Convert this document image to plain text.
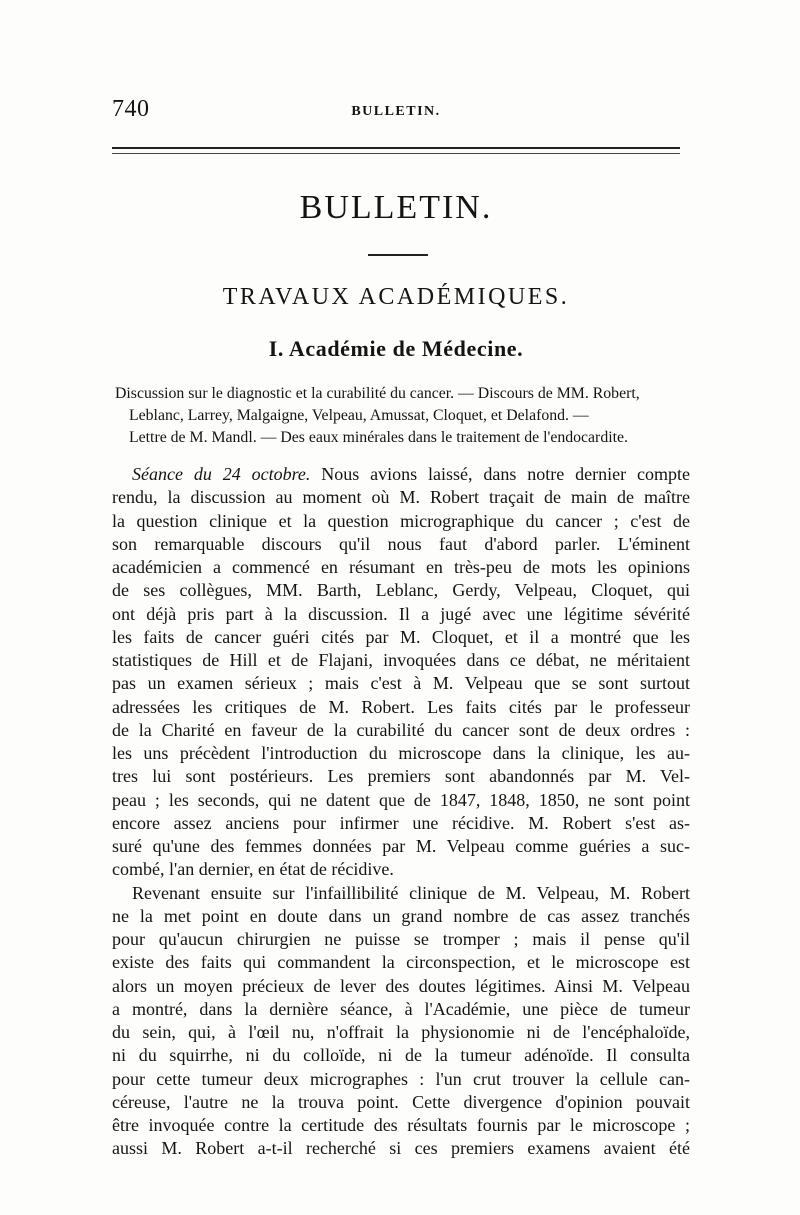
740	BULLETIN.
BULLETIN.
TRAVAUX ACADÉMIQUES.
I. Académie de Médecine.
Discussion sur le diagnostic et la curabilité du cancer. — Discours de MM. Robert,
Leblanc, Larrey, Malgaigne, Velpeau, Amussat, Cloquet, et Delafond. —
Lettre de M. Mandl. — Des eaux minérales dans le traitement de l'endocardite.
Séance du 24 octobre. Nous avions laissé, dans notre dernier compte
rendu, la discussion au moment où M. Robert traçait de main de maître
la question clinique et la question micrographique du cancer ; c'est de
son remarquable discours qu'il nous faut d'abord parler. L'éminent
académicien a commencé en résumant en très-peu de mots les opinions
de ses collègues, MM. Barth, Leblanc, Gerdy, Velpeau, Cloquet, qui
ont déjà pris part à la discussion. Il a jugé avec une légitime sévérité
les faits de cancer guéri cités par M. Cloquet, et il a montré que les
statistiques de Hill et de Flajani, invoquées dans ce débat, ne méritaient
pas un examen sérieux ; mais c'est à M. Velpeau que se sont surtout
adressées les critiques de M. Robert. Les faits cités par le professeur
de la Charité en faveur de la curabilité du cancer sont de deux ordres :
les uns précèdent l'introduction du microscope dans la clinique, les au-
tres lui sont postérieurs. Les premiers sont abandonnés par M. Vel-
peau ; les seconds, qui ne datent que de 1847, 1848, 1850, ne sont point
encore assez anciens pour infirmer une récidive. M. Robert s'est as-
suré qu'une des femmes données par M. Velpeau comme guéries a suc-
combé, l'an dernier, en état de récidive.
Revenant ensuite sur l'infaillibilité clinique de M. Velpeau, M. Robert
ne la met point en doute dans un grand nombre de cas assez tranchés
pour qu'aucun chirurgien ne puisse se tromper ; mais il pense qu'il
existe des faits qui commandent la circonspection, et le microscope est
alors un moyen précieux de lever des doutes légitimes. Ainsi M. Velpeau
a montré, dans la dernière séance, à l'Académie, une pièce de tumeur
du sein, qui, à l'œil nu, n'offrait la physionomie ni de l'encéphaloïde,
ni du squirrhe, ni du colloïde, ni de la tumeur adénoïde. Il consulta
pour cette tumeur deux micrographes : l'un crut trouver la cellule can-
céreuse, l'autre ne la trouva point. Cette divergence d'opinion pouvait
être invoquée contre la certitude des résultats fournis par le microscope ;
aussi M. Robert a-t-il recherché si ces premiers examens avaient été
